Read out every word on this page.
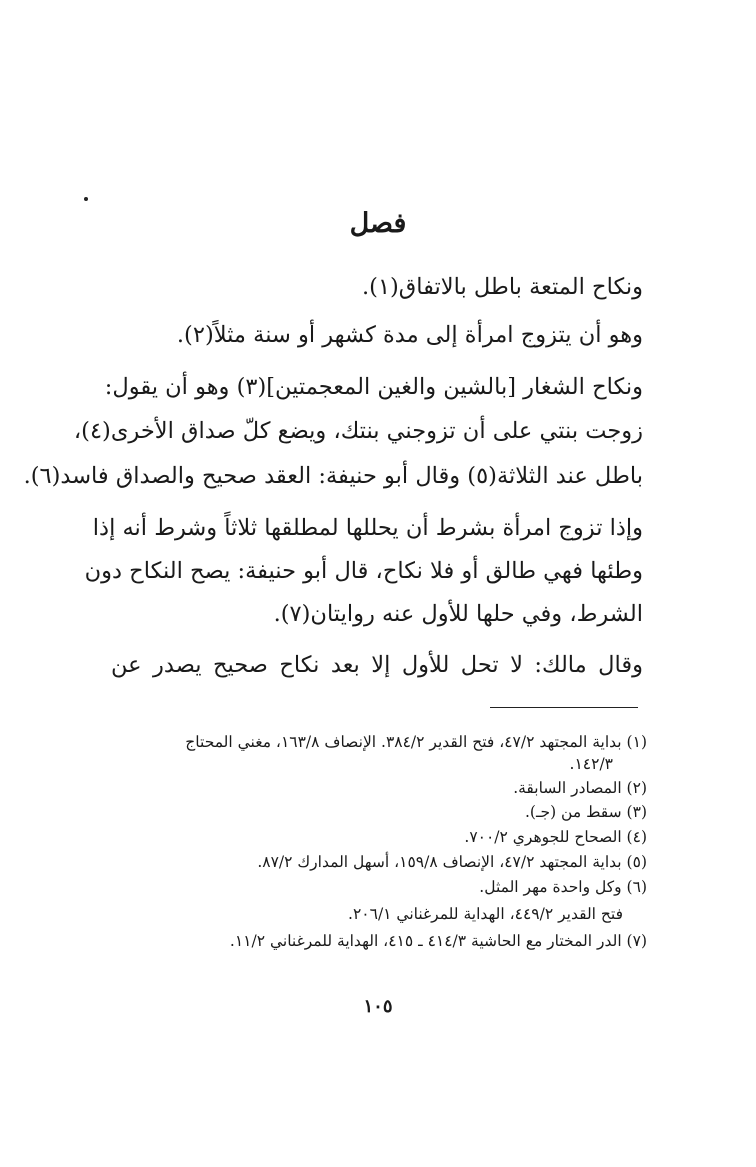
فصل
ونكاح المتعة باطل بالاتفاق(١).
وهو أن يتزوج امرأة إلى مدة كشهر أو سنة مثلاً(٢).
ونكاح الشغار [بالشين والغين المعجمتين](٣) وهو أن يقول:
زوجت بنتي على أن تزوجني بنتك، ويضع كلّ صداق الأخرى(٤)،
باطل عند الثلاثة(٥) وقال أبو حنيفة: العقد صحيح والصداق فاسد(٦).
وإذا تزوج امرأة بشرط أن يحللها لمطلقها ثلاثاً وشرط أنه إذا
وطئها فهي طالق أو فلا نكاح، قال أبو حنيفة: يصح النكاح دون
الشرط، وفي حلها للأول عنه روايتان(٧).
وقال مالك: لا تحل للأول إلا بعد نكاح صحيح يصدر عن
(١) بداية المجتهد ٤٧/٢، فتح القدير ٣٨٤/٢. الإنصاف ١٦٣/٨، مغني المحتاج
١٤٢/٣.
(٢) المصادر السابقة.
(٣) سقط من (جـ).
(٤) الصحاح للجوهري ٧٠٠/٢.
(٥) بداية المجتهد ٤٧/٢، الإنصاف ١٥٩/٨، أسهل المدارك ٨٧/٢.
(٦) وكل واحدة مهر المثل.
فتح القدير ٤٤٩/٢، الهداية للمرغناني ٢٠٦/١.
(٧) الدر المختار مع الحاشية ٤١٤/٣ ـ ٤١٥، الهداية للمرغناني ١١/٢.
١٠٥
